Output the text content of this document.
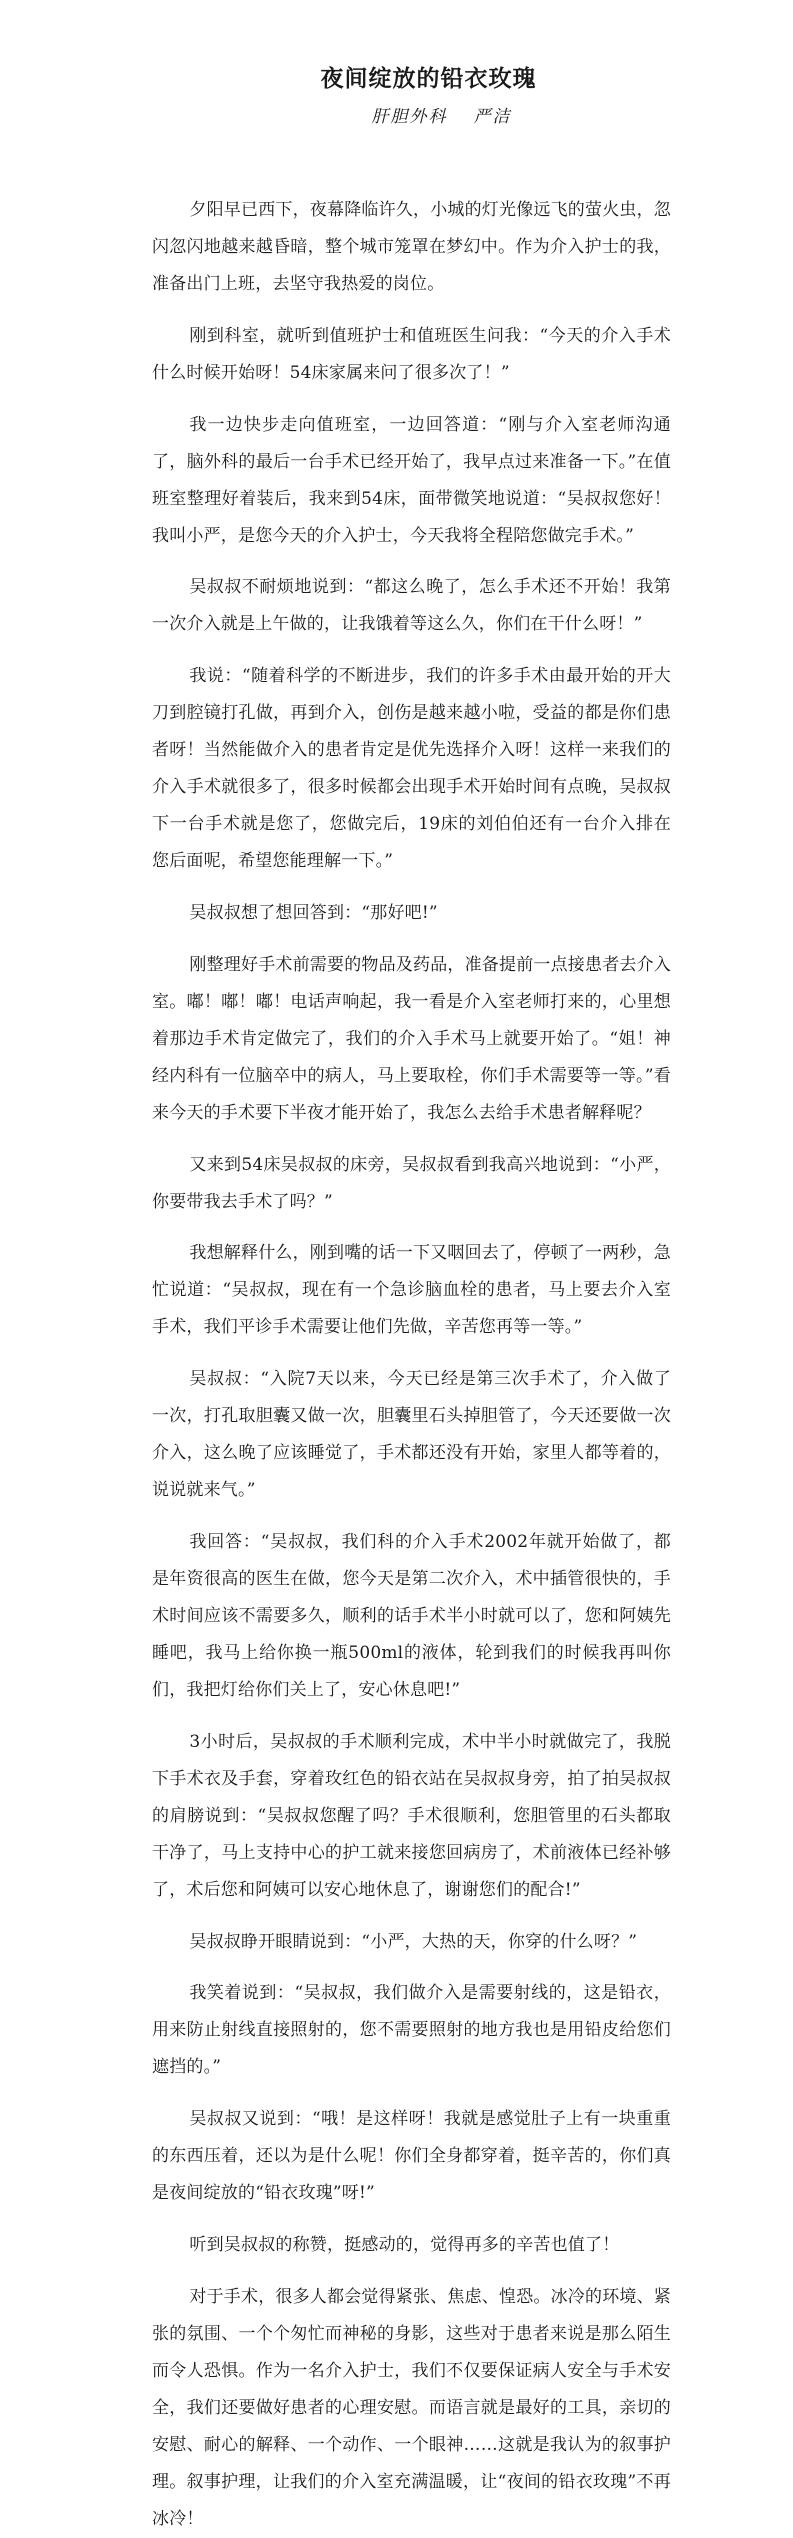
夜间绽放的铅衣玫瑰
肝胆外科 严洁

夕阳早已西下，夜幕降临许久，小城的灯光像远飞的萤火虫，忽闪忽闪地越来越昏暗，整个城市笼罩在梦幻中。作为介入护士的我，准备出门上班，去坚守我热爱的岗位。

刚到科室，就听到值班护士和值班医生问我：“今天的介入手术什么时候开始呀！54床家属来问了很多次了！”

我一边快步走向值班室，一边回答道：“刚与介入室老师沟通了，脑外科的最后一台手术已经开始了，我早点过来准备一下。”在值班室整理好着装后，我来到54床，面带微笑地说道：“吴叔叔您好！我叫小严，是您今天的介入护士，今天我将全程陪您做完手术。”

吴叔叔不耐烦地说到：“都这么晚了，怎么手术还不开始！我第一次介入就是上午做的，让我饿着等这么久，你们在干什么呀！”

我说：“随着科学的不断进步，我们的许多手术由最开始的开大刀到腔镜打孔做，再到介入，创伤是越来越小啦，受益的都是你们患者呀！当然能做介入的患者肯定是优先选择介入呀！这样一来我们的介入手术就很多了，很多时候都会出现手术开始时间有点晚，吴叔叔下一台手术就是您了，您做完后，19床的刘伯伯还有一台介入排在您后面呢，希望您能理解一下。”

吴叔叔想了想回答到：“那好吧!”

刚整理好手术前需要的物品及药品，准备提前一点接患者去介入室。嘟！嘟！嘟！电话声响起，我一看是介入室老师打来的，心里想着那边手术肯定做完了，我们的介入手术马上就要开始了。“姐！神经内科有一位脑卒中的病人，马上要取栓，你们手术需要等一等。”看来今天的手术要下半夜才能开始了，我怎么去给手术患者解释呢？

又来到54床吴叔叔的床旁，吴叔叔看到我高兴地说到：“小严，你要带我去手术了吗？”

我想解释什么，刚到嘴的话一下又咽回去了，停顿了一两秒，急忙说道：“吴叔叔，现在有一个急诊脑血栓的患者，马上要去介入室手术，我们平诊手术需要让他们先做，辛苦您再等一等。”

吴叔叔：“入院7天以来，今天已经是第三次手术了，介入做了一次，打孔取胆囊又做一次，胆囊里石头掉胆管了，今天还要做一次介入，这么晚了应该睡觉了，手术都还没有开始，家里人都等着的，说说就来气。”

我回答：“吴叔叔，我们科的介入手术2002年就开始做了，都是年资很高的医生在做，您今天是第二次介入，术中插管很快的，手术时间应该不需要多久，顺利的话手术半小时就可以了，您和阿姨先睡吧，我马上给你换一瓶500ml的液体，轮到我们的时候我再叫你们，我把灯给你们关上了，安心休息吧!”

3小时后，吴叔叔的手术顺利完成，术中半小时就做完了，我脱下手术衣及手套，穿着玫红色的铅衣站在吴叔叔身旁，拍了拍吴叔叔的肩膀说到：“吴叔叔您醒了吗？手术很顺利，您胆管里的石头都取干净了，马上支持中心的护工就来接您回病房了，术前液体已经补够了，术后您和阿姨可以安心地休息了，谢谢您们的配合!”

吴叔叔睁开眼睛说到：“小严，大热的天，你穿的什么呀？”

我笑着说到：“吴叔叔，我们做介入是需要射线的，这是铅衣，用来防止射线直接照射的，您不需要照射的地方我也是用铅皮给您们遮挡的。”

吴叔叔又说到：“哦！是这样呀！我就是感觉肚子上有一块重重的东西压着，还以为是什么呢！你们全身都穿着，挺辛苦的，你们真是夜间绽放的“铅衣玫瑰”呀!”

听到吴叔叔的称赞，挺感动的，觉得再多的辛苦也值了！

对于手术，很多人都会觉得紧张、焦虑、惶恐。冰冷的环境、紧张的氛围、一个个匆忙而神秘的身影，这些对于患者来说是那么陌生而令人恐惧。作为一名介入护士，我们不仅要保证病人安全与手术安全，我们还要做好患者的心理安慰。而语言就是最好的工具，亲切的安慰、耐心的解释、一个动作、一个眼神……这就是我认为的叙事护理。叙事护理，让我们的介入室充满温暖，让“夜间的铅衣玫瑰”不再冰冷！
